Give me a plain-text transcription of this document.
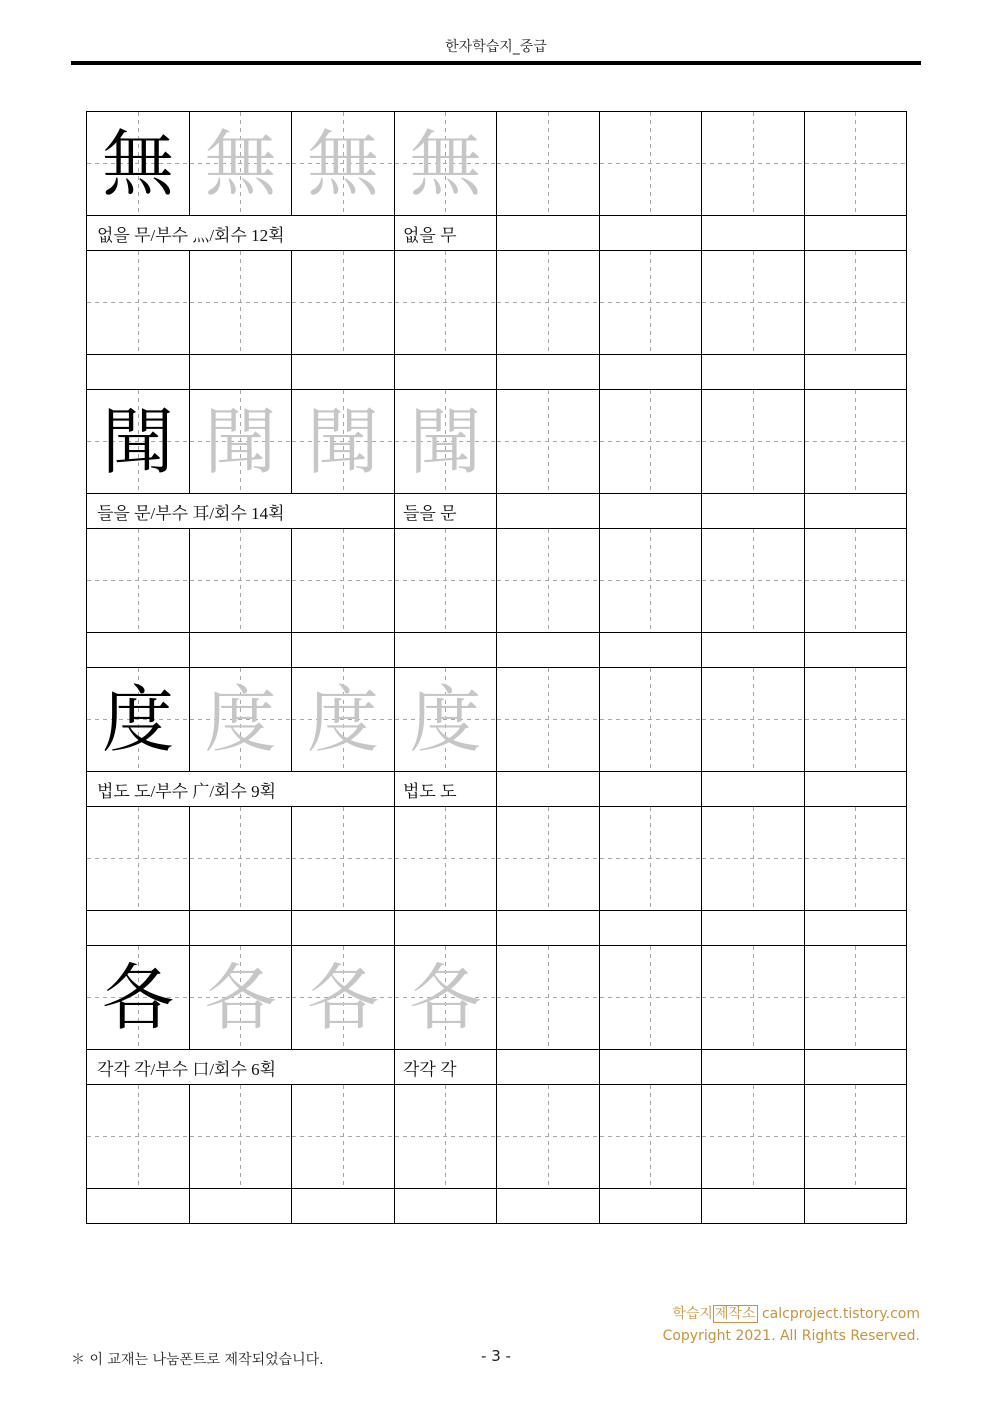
한자학습지_중급
無	無	無	無				

없을 무/부수 灬/회수 12획			없을 무				

聞	聞	聞	聞				

들을 문/부수 耳/회수 14획			들을 문				

度	度	度	度				

법도 도/부수 广/회수 9획			법도 도				

各	各	各	各				

각각 각/부수 口/회수 6획			각각 각				

학습지 제작소 calcproject.tistory.com
Copyright 2021. All Rights Reserved.
＊ 이 교재는 나눔폰트로 제작되었습니다.	- 3 -
